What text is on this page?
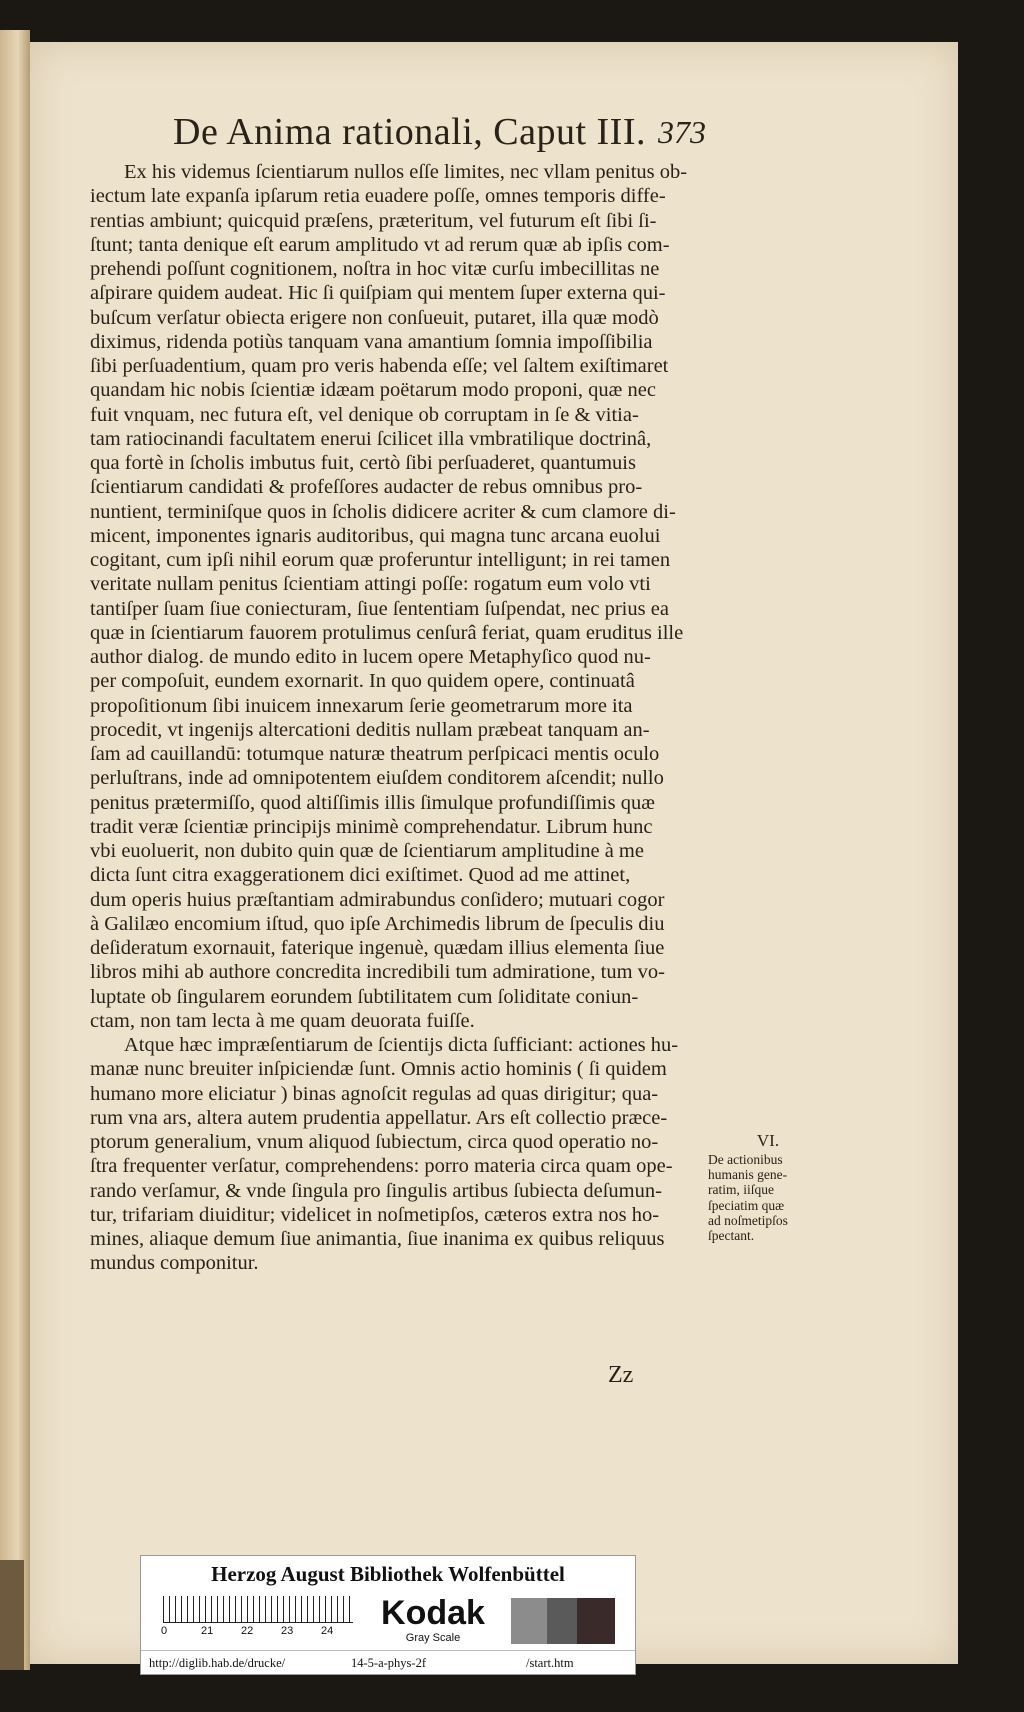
De Anima rationali, Caput III. 373
Ex his videmus ſcientiarum nullos eſſe limites, nec vllam penitus ob-
iectum late expanſa ipſarum retia euadere poſſe, omnes temporis diffe-
rentias ambiunt; quicquid præſens, præteritum, vel futurum eſt ſibi ſi-
ſtunt; tanta denique eſt earum amplitudo vt ad rerum quæ ab ipſis com-
prehendi poſſunt cognitionem, noſtra in hoc vitæ curſu imbecillitas ne
aſpirare quidem audeat. Hic ſi quiſpiam qui mentem ſuper externa qui-
buſcum verſatur obiecta erigere non conſueuit, putaret, illa quæ modò
diximus, ridenda potiùs tanquam vana amantium ſomnia impoſſibilia
ſibi perſuadentium, quam pro veris habenda eſſe; vel ſaltem exiſtimaret
quandam hic nobis ſcientiæ idæam poëtarum modo proponi, quæ nec
fuit vnquam, nec futura eſt, vel denique ob corruptam in ſe & vitia-
tam ratiocinandi facultatem enerui ſcilicet illa vmbratilique doctrinâ,
qua fortè in ſcholis imbutus fuit, certò ſibi perſuaderet, quantumuis
ſcientiarum candidati & profeſſores audacter de rebus omnibus pro-
nuntient, terminiſque quos in ſcholis didicere acriter & cum clamore di-
micent, imponentes ignaris auditoribus, qui magna tunc arcana euolui
cogitant, cum ipſi nihil eorum quæ proferuntur intelligunt; in rei tamen
veritate nullam penitus ſcientiam attingi poſſe: rogatum eum volo vti
tantiſper ſuam ſiue coniecturam, ſiue ſententiam ſuſpendat, nec prius ea
quæ in ſcientiarum fauorem protulimus cenſurâ feriat, quam eruditus ille
author dialog. de mundo edito in lucem opere Metaphyſico quod nu-
per compoſuit, eundem exornarit. In quo quidem opere, continuatâ
propoſitionum ſibi inuicem innexarum ſerie geometrarum more ita
procedit, vt ingenijs altercationi deditis nullam præbeat tanquam an-
ſam ad cauillandū: totumque naturæ theatrum perſpicaci mentis oculo
perluſtrans, inde ad omnipotentem eiuſdem conditorem aſcendit; nullo
penitus prætermiſſo, quod altiſſimis illis ſimulque profundiſſimis quæ
tradit veræ ſcientiæ principijs minimè comprehendatur. Librum hunc
vbi euoluerit, non dubito quin quæ de ſcientiarum amplitudine à me
dicta ſunt citra exaggerationem dici exiſtimet. Quod ad me attinet,
dum operis huius præſtantiam admirabundus conſidero; mutuari cogor
à Galilæo encomium iſtud, quo ipſe Archimedis librum de ſpeculis diu
deſideratum exornauit, faterique ingenuè, quædam illius elementa ſiue
libros mihi ab authore concredita incredibili tum admiratione, tum vo-
luptate ob ſingularem eorundem ſubtilitatem cum ſoliditate coniun-
ctam, non tam lecta à me quam deuorata fuiſſe.
Atque hæc impræſentiarum de ſcientijs dicta ſufficiant: actiones hu-
manæ nunc breuiter inſpiciendæ ſunt. Omnis actio hominis ( ſi quidem
humano more eliciatur ) binas agnoſcit regulas ad quas dirigitur; qua-
rum vna ars, altera autem prudentia appellatur. Ars eſt collectio præce-
ptorum generalium, vnum aliquod ſubiectum, circa quod operatio no-
ſtra frequenter verſatur, comprehendens: porro materia circa quam ope-
rando verſamur, & vnde ſingula pro ſingulis artibus ſubiecta deſumun-
tur, trifariam diuiditur; videlicet in noſmetipſos, cæteros extra nos ho-
mines, aliaque demum ſiue animantia, ſiue inanima ex quibus reliquus
mundus componitur.
Zz
VI.
De actionibus
humanis gene-
ratim, iiſque
ſpeciatim quæ
ad noſmetipſos
ſpectant.
Herzog August Bibliothek Wolfenbüttel
0	21	22	23	24 Kodak
Gray Scale
http://diglib.hab.de/drucke/	14-5-a-phys-2f	/start.htm
